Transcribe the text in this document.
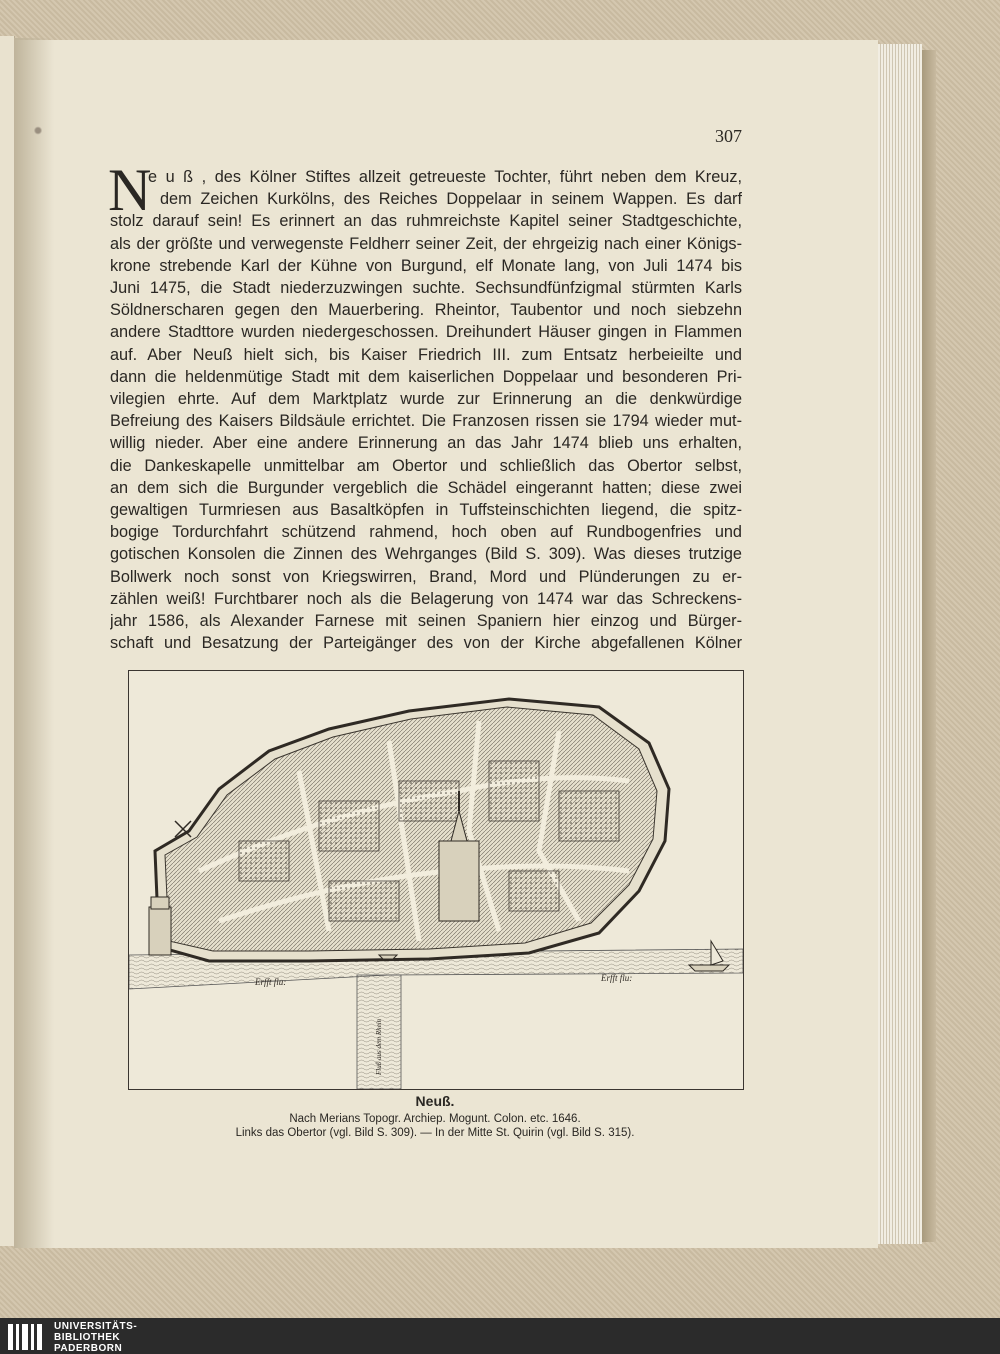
307
N
e u ß , des Kölner Stiftes allzeit getreueste Tochter, führt neben dem Kreuz,
dem Zeichen Kurkölns, des Reiches Doppelaar in seinem Wappen. Es darf
stolz darauf sein! Es erinnert an das ruhmreichste Kapitel seiner Stadtgeschichte,
als der größte und verwegenste Feldherr seiner Zeit, der ehrgeizig nach einer Königs-
krone strebende Karl der Kühne von Burgund, elf Monate lang, von Juli 1474 bis
Juni 1475, die Stadt niederzuzwingen suchte. Sechsundfünfzigmal stürmten Karls
Söldnerscharen gegen den Mauerbering. Rheintor, Taubentor und noch siebzehn
andere Stadttore wurden niedergeschossen. Dreihundert Häuser gingen in Flammen
auf. Aber Neuß hielt sich, bis Kaiser Friedrich III. zum Entsatz herbeieilte und
dann die heldenmütige Stadt mit dem kaiserlichen Doppelaar und besonderen Pri-
vilegien ehrte. Auf dem Marktplatz wurde zur Erinnerung an die denkwürdige
Befreiung des Kaisers Bildsäule errichtet. Die Franzosen rissen sie 1794 wieder mut-
willig nieder. Aber eine andere Erinnerung an das Jahr 1474 blieb uns erhalten,
die Dankeskapelle unmittelbar am Obertor und schließlich das Obertor selbst,
an dem sich die Burgunder vergeblich die Schädel eingerannt hatten; diese zwei
gewaltigen Turmriesen aus Basaltköpfen in Tuffsteinschichten liegend, die spitz-
bogige Tordurchfahrt schützend rahmend, hoch oben auf Rundbogenfries und
gotischen Konsolen die Zinnen des Wehrganges (Bild S. 309). Was dieses trutzige
Bollwerk noch sonst von Kriegswirren, Brand, Mord und Plünderungen zu er-
zählen weiß! Furchtbarer noch als die Belagerung von 1474 war das Schreckens-
jahr 1586, als Alexander Farnese mit seinen Spaniern hier einzog und Bürger-
schaft und Besatzung der Parteigänger des von der Kirche abgefallenen Kölner
Erfft flu:	Erfft flu:
Fluß aus dem Rhein
Neuß.
Nach Merians Topogr. Archiep. Mogunt. Colon. etc. 1646.
Links das Obertor (vgl. Bild S. 309). — In der Mitte St. Quirin (vgl. Bild S. 315).
UNIVERSITÄTS-
BIBLIOTHEK
PADERBORN
